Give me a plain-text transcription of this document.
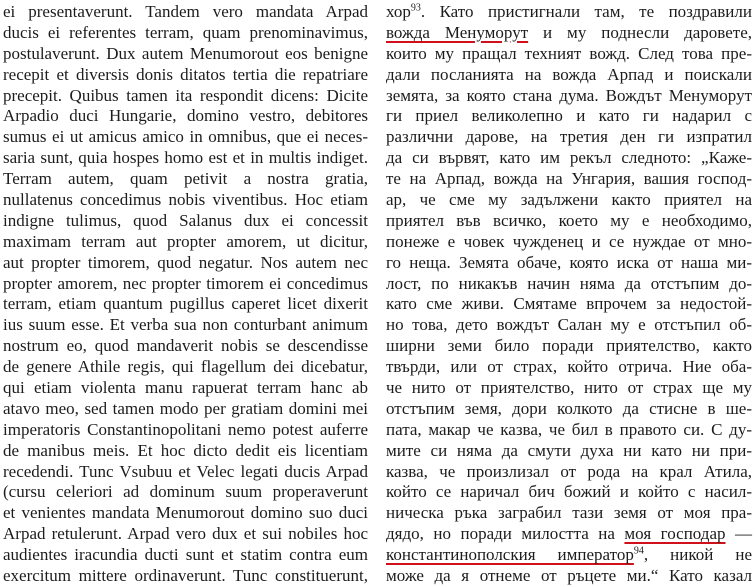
ei presentaverunt. Tandem vero mandata Arpad
ducis ei referentes terram, quam prenominavimus,
postulaverunt. Dux autem Menumorout eos benigne
recepit et diversis donis ditatos tertia die repatriare
precepit. Quibus tamen ita respondit dicens: Dicite
Arpadio duci Hungarie, domino vestro, debitores
sumus ei ut amicus amico in omnibus, que ei neces-
saria sunt, quia hospes homo est et in multis indiget.
Terram autem, quam petivit a nostra gratia,
nullatenus concedimus nobis viventibus. Hoc etiam
indigne tulimus, quod Salanus dux ei concessit
maximam terram aut propter amorem, ut dicitur,
aut propter timorem, quod negatur. Nos autem nec
propter amorem, nec propter timorem ei concedimus
terram, etiam quantum pugillus caperet licet dixerit
ius suum esse. Et verba sua non conturbant animum
nostrum eo, quod mandaverit nobis se descendisse
de genere Athile regis, qui flagellum dei dicebatur,
qui etiam violenta manu rapuerat terram hanc ab
atavo meo, sed tamen modo per gratiam domini mei
imperatoris Constantinopolitani nemo potest auferre
de manibus meis. Et hoc dicto dedit eis licentiam
recedendi. Tunc Vsubuu et Velec legati ducis Arpad
(cursu celeriori ad dominum suum properaverunt
et venientes mandata Menumorout domino suo duci
Arpad retulerunt. Arpad vero dux et sui nobiles hoc
audientes iracundia ducti sunt et statim contra eum
exercitum mittere ordinaverunt. Tunc constituerunt,
хор$^{93}$. Като пристигнали там, те поздравили
вожда Менуморут и му поднесли даровете,
които му пращал техният вожд. След това пре-
дали посланията на вожда Арпад и поискали
земята, за която стана дума. Вождът Менуморут
ги приел великолепно и като ги надарил с
различни дарове, на третия ден ги изпратил
да си вървят, като им рекъл следното: „Каже-
те на Арпад, вожда на Унгария, вашия господ-
ар, че сме му задължени както приятел на
приятел във всичко, което му е необходимо,
понеже е човек чужденец и се нуждае от мно-
го неща. Земята обаче, която иска от наша ми-
лост, по никакъв начин няма да отстъпим до-
като сме живи. Смятаме впрочем за недостой-
но това, дето вождът Салан му е отстъпил об-
ширни земи било поради приятелство, както
твърди, или от страх, който отрича. Ние оба-
че нито от приятелство, нито от страх ще му
отстъпим земя, дори колкото да стисне в ше-
пата, макар че казва, че бил в правото си. С ду-
мите си няма да смути духа ни като ни при-
казва, че произлизал от рода на крал Атила,
който се наричал бич божий и който с насил-
ническа ръка заграбил тази земя от моя пра-
дядо, но поради милостта на моя господар —
константинополския император$^{94}$, никой не
може да я отнеме от ръцете ми.“ Като казал
